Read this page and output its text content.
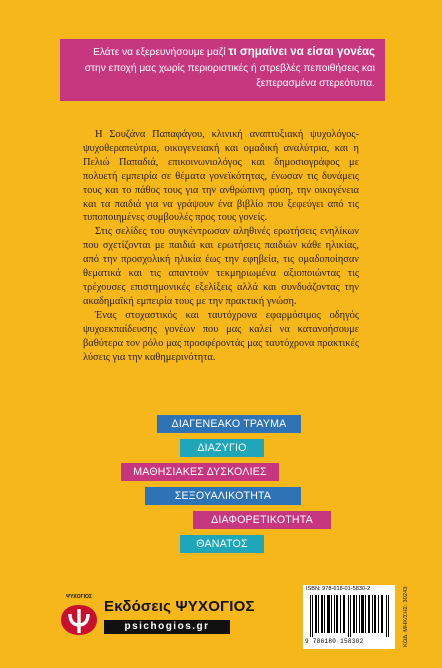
Ελάτε να εξερευνήσουμε μαζί τι σημαίνει να είσαι γονέας στην εποχή μας χωρίς περιοριστικές ή στρεβλές πεποιθήσεις και ξεπερασμένα στερεότυπα.

Η Σουζάνα Παπαφάγου, κλινική αναπτυξιακή ψυχολόγος-ψυχοθεραπεύτρια, οικογενειακή και ομαδική αναλύτρια, και η Πελιώ Παπαδιά, επικοινωνιολόγος και δημοσιογράφος με πολυετή εμπειρία σε θέματα γονεϊκότητας, ένωσαν τις δυνάμεις τους και το πάθος τους για την ανθρώπινη φύση, την οικογένεια και τα παιδιά για να γράψουν ένα βιβλίο που ξεφεύγει από τις τυποποιημένες συμβουλές προς τους γονείς.

Στις σελίδες του συγκέντρωσαν αληθινές ερωτήσεις ενηλίκων που σχετίζονται με παιδιά και ερωτήσεις παιδιών κάθε ηλικίας, από την προσχολική ηλικία έως την εφηβεία, τις ομαδοποίησαν θεματικά και τις απαντούν τεκμηριωμένα αξιοποιώντας τις τρέχουσες επιστημονικές εξελίξεις αλλά και συνδυάζοντας την ακαδημαϊκή εμπειρία τους με την πρακτική γνώση.

Ένας στοχαστικός και ταυτόχρονα εφαρμόσιμος οδηγός ψυχοεκπαίδευσης γονέων που μας καλεί να κατανοήσουμε βαθύτερα τον ρόλο μας προσφέροντάς μας ταυτόχρονα πρακτικές λύσεις για την καθημερινότητα.

ΔΙΑΓΕΝΕΑΚΟ ΤΡΑΥΜΑ
ΔΙΑΖΥΓΙΟ
ΜΑΘΗΣΙΑΚΕΣ ΔΥΣΚΟΛΙΕΣ
ΣΕΞΟΥΑΛΙΚΟΤΗΤΑ
ΔΙΑΦΟΡΕΤΙΚΟΤΗΤΑ
ΘΑΝΑΤΟΣ
ΨΥΧΟΓΙΟΣ
Εκδόσεις ΨΥΧΟΓΙΟΣ
psichogios.gr
ISBN: 978-618-01-5830-2
9 786180 158302	ΚΩΔ. ΜΗΧ/ΣΗΣ: 30243
